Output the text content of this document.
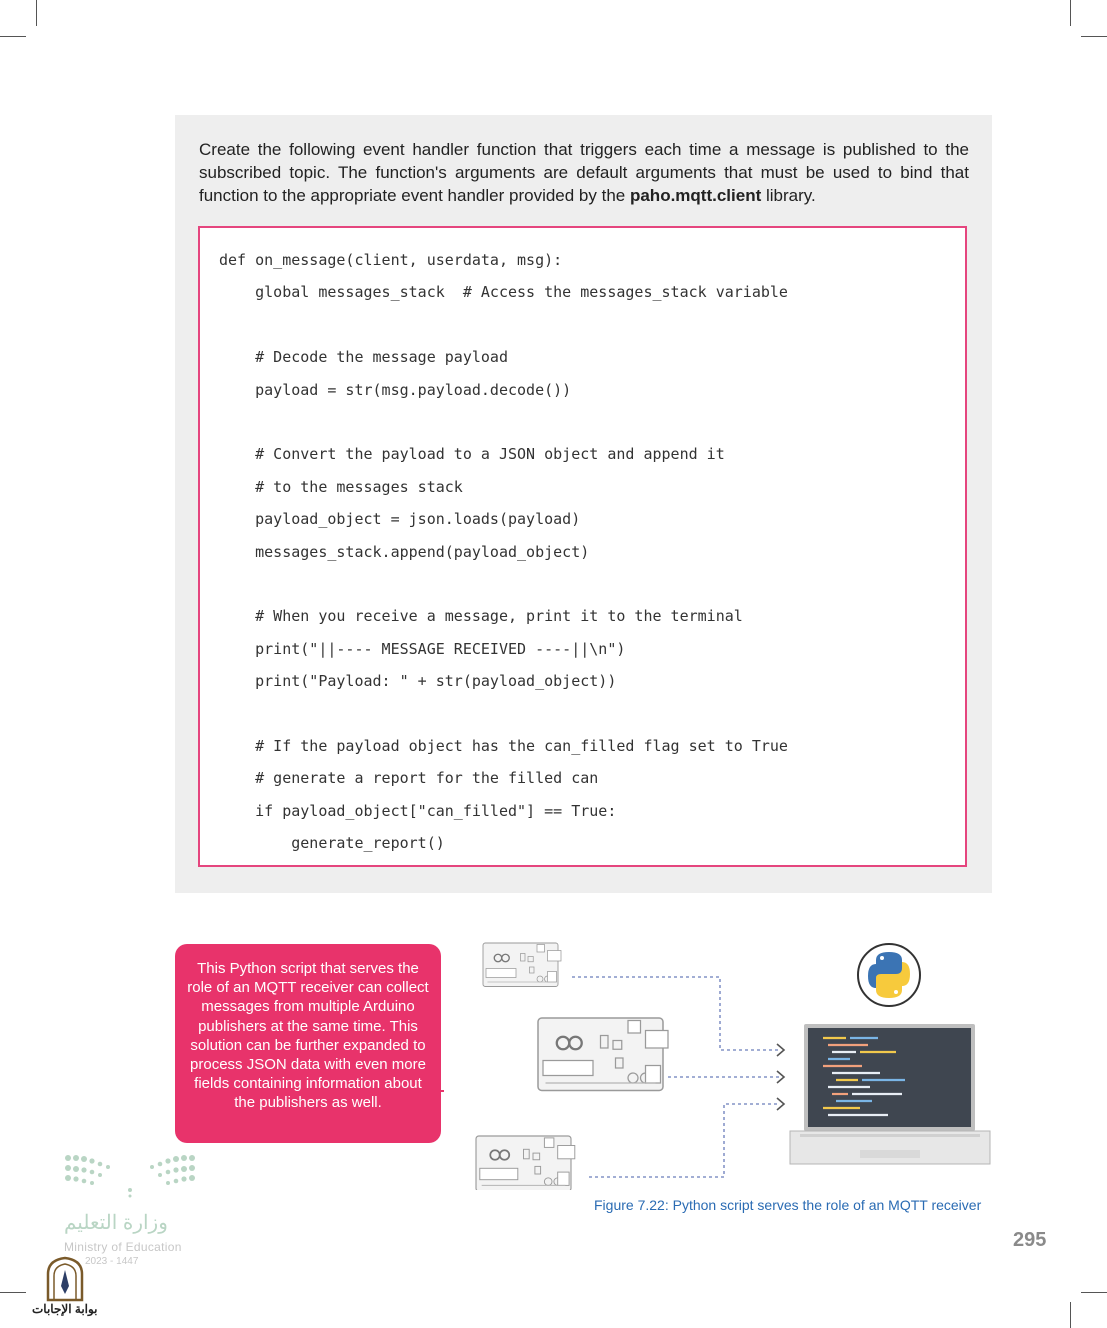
Create the following event handler function that triggers each time a message is published to the subscribed topic. The function's arguments are default arguments that must be used to bind that function to the appropriate event handler provided by the paho.mqtt.client library.
def on_message(client, userdata, msg):
global messages_stack  # Access the messages_stack variable
# Decode the message payload
payload = str(msg.payload.decode())
# Convert the payload to a JSON object and append it
# to the messages stack
payload_object = json.loads(payload)
messages_stack.append(payload_object)
# When you receive a message, print it to the terminal
print("||---- MESSAGE RECEIVED ----||\n")
print("Payload: " + str(payload_object))
# If the payload object has the can_filled flag set to True
# generate a report for the filled can
if payload_object["can_filled"] == True:
generate_report()
This Python script that serves the role of an MQTT receiver can collect messages from multiple Arduino publishers at the same time. This solution can be further expanded to process JSON data with even more fields containing information about the publishers as well.
Figure 7.22: Python script serves the role of an MQTT receiver
295
وزارة التعليم
Ministry of Education
2023 - 1447
بوابة الإجابات
